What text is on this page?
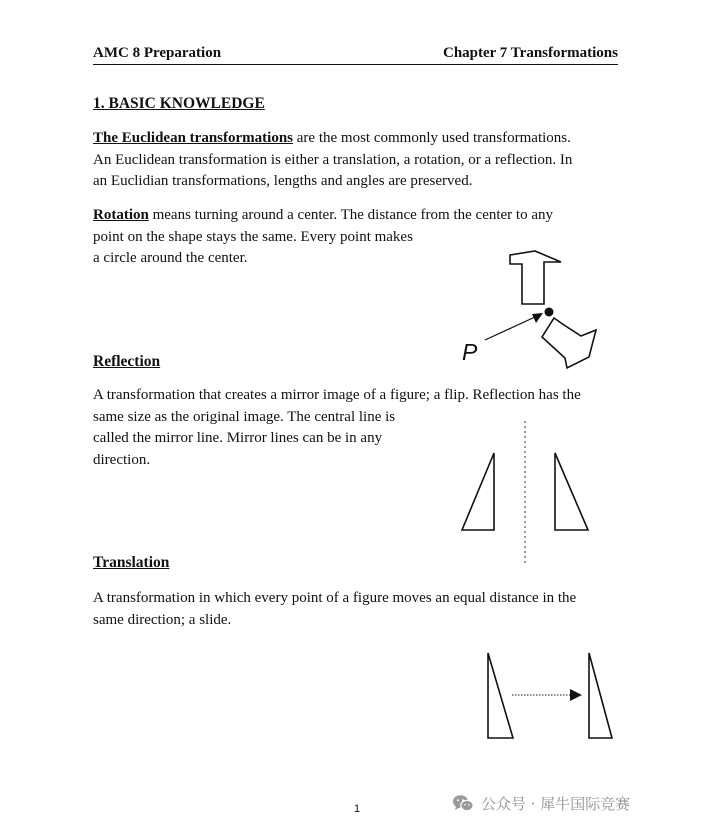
AMC 8 Preparation	Chapter 7 Transformations
1. BASIC KNOWLEDGE

The Euclidean transformations are the most commonly used transformations.

An Euclidean transformation is either a translation, a rotation, or a reflection. In

an Euclidian transformations, lengths and angles are preserved.

Rotation means turning around a center. The distance from the center to any

point on the shape stays the same. Every point makes

a circle around the center.

P
Reflection

A transformation that creates a mirror image of a figure; a flip. Reflection has the

same size as the original image. The central line is

called the mirror line. Mirror lines can be in any

direction.

Translation

A transformation in which every point of a figure moves an equal distance in the

same direction; a slide.

1	公众号 · 犀牛国际竞赛
